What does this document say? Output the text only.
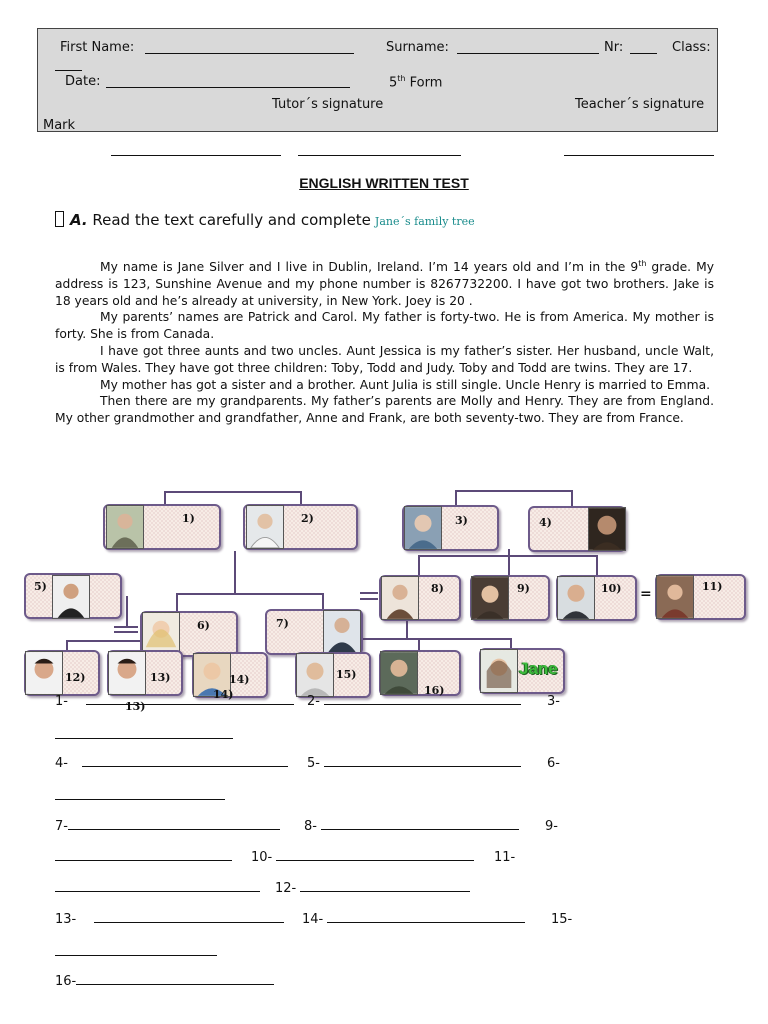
First Name:	Surname:	Nr:	Class:
Date:	5th Form
Tutor´s signature	Teacher´s signature
Mark
ENGLISH WRITTEN TEST
A. Read the text carefully and complete Jane´s family tree

My name is Jane Silver and I live in Dublin, Ireland. I’m 14 years old and I’m in the 9th grade. My address is 123, Sunshine Avenue and my phone number is 8267732200. I have got two brothers. Jake is 18 years old and he’s already at university, in New York. Joey is 20 .

My parents’ names are Patrick and Carol. My father is forty-two. He is from America. My mother is forty. She is from Canada.

I have got three aunts and two uncles. Aunt Jessica is my father’s sister. Her husband, uncle Walt, is from Wales. They have got three children: Toby, Todd and Judy. Toby and Todd are twins. They are 17.

My mother has got a sister and a brother. Aunt Julia is still single. Uncle Henry is married to Emma.

Then there are my grandparents. My father’s parents are Molly and Henry. They are from England. My other grandmother and grandfather, Anne and Frank, are both seventy-two. They are from France.

=
1)	2)	3)	4)
5)	8)	9)	10)	11)
6)	7)
12)	13)
13)
14)
14)
15)
16)
Jane
1-	2-	3-
4-	5-	6-
7-	8-	9-
10-	11-
12-
13-	14-	15-
16-
